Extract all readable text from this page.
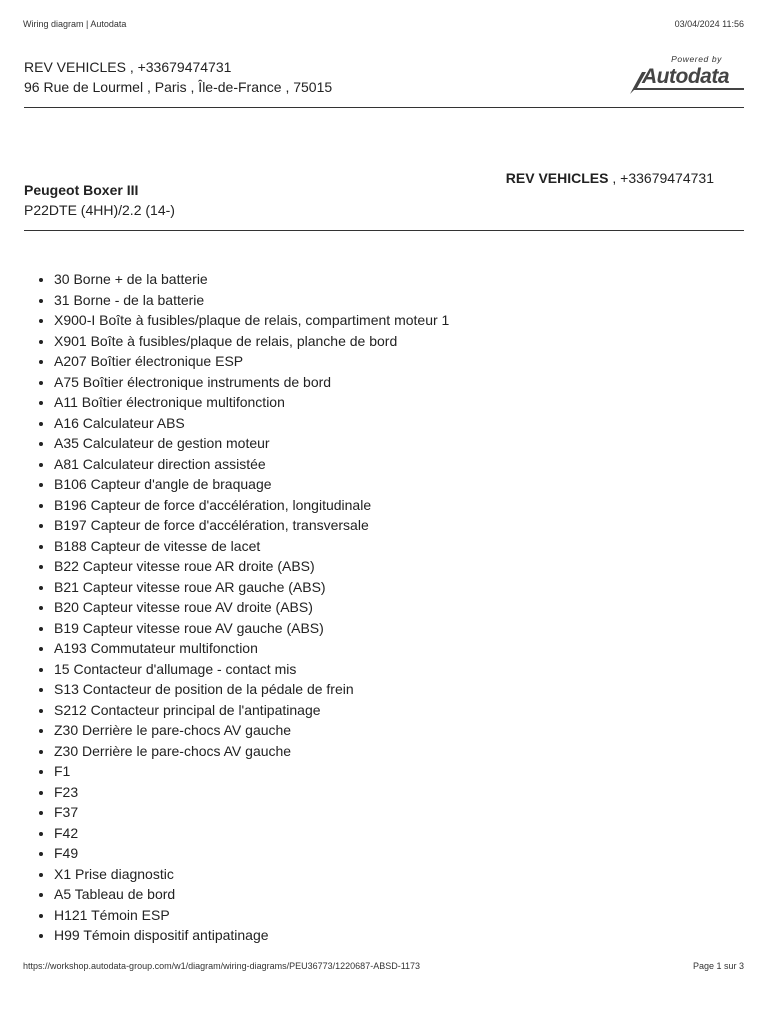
Wiring diagram | Autodata	03/04/2024 11:56
REV VEHICLES , +33679474731
96 Rue de Lourmel , Paris , Île-de-France , 75015
Powered by
Autodata
Peugeot Boxer III
P22DTE (4HH)/2.2 (14-)
REV VEHICLES , +33679474731
30 Borne + de la batterie
31 Borne - de la batterie
X900-I Boîte à fusibles/plaque de relais, compartiment moteur 1
X901 Boîte à fusibles/plaque de relais, planche de bord
A207 Boîtier électronique ESP
A75 Boîtier électronique instruments de bord
A11 Boîtier électronique multifonction
A16 Calculateur ABS
A35 Calculateur de gestion moteur
A81 Calculateur direction assistée
B106 Capteur d'angle de braquage
B196 Capteur de force d'accélération, longitudinale
B197 Capteur de force d'accélération, transversale
B188 Capteur de vitesse de lacet
B22 Capteur vitesse roue AR droite (ABS)
B21 Capteur vitesse roue AR gauche (ABS)
B20 Capteur vitesse roue AV droite (ABS)
B19 Capteur vitesse roue AV gauche (ABS)
A193 Commutateur multifonction
15 Contacteur d'allumage - contact mis
S13 Contacteur de position de la pédale de frein
S212 Contacteur principal de l'antipatinage
Z30 Derrière le pare-chocs AV gauche
Z30 Derrière le pare-chocs AV gauche
F1
F23
F37
F42
F49
X1 Prise diagnostic
A5 Tableau de bord
H121 Témoin ESP
H99 Témoin dispositif antipatinage
https://workshop.autodata-group.com/w1/diagram/wiring-diagrams/PEU36773/1220687-ABSD-1173	Page 1 sur 3
